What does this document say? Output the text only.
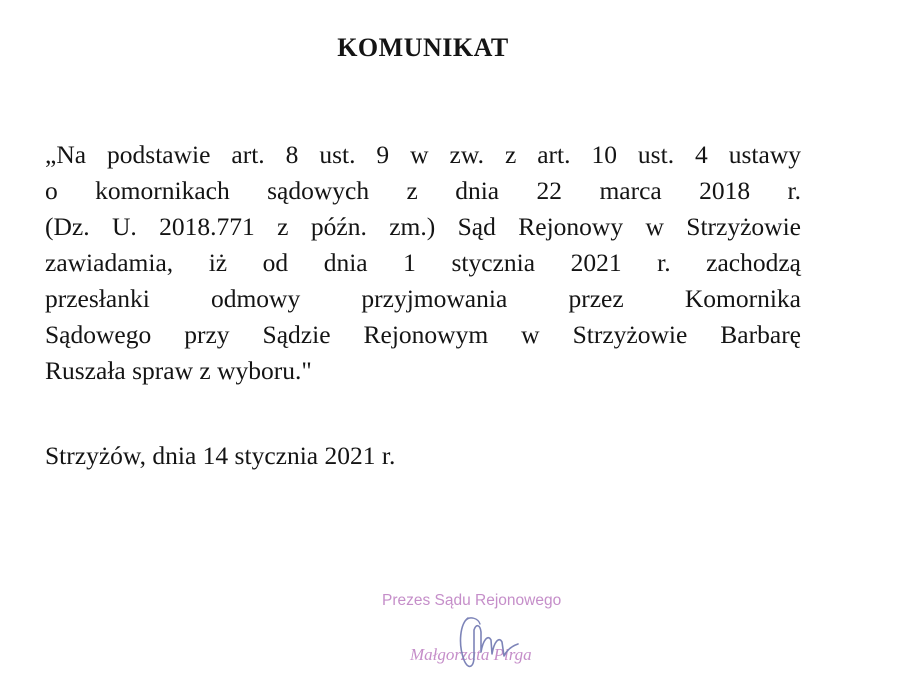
KOMUNIKAT
„Na podstawie art. 8 ust. 9 w zw. z art. 10 ust. 4 ustawy
o komornikach sądowych z dnia 22 marca 2018 r.
(Dz. U. 2018.771 z późn. zm.) Sąd Rejonowy w Strzyżowie
zawiadamia, iż od dnia 1 stycznia 2021 r. zachodzą
przesłanki odmowy przyjmowania przez Komornika
Sądowego przy Sądzie Rejonowym w Strzyżowie Barbarę
Ruszała spraw z wyboru."

Strzyżów, dnia 14 stycznia 2021 r.

Prezes Sądu Rejonowego
Małgorzata Pirga
